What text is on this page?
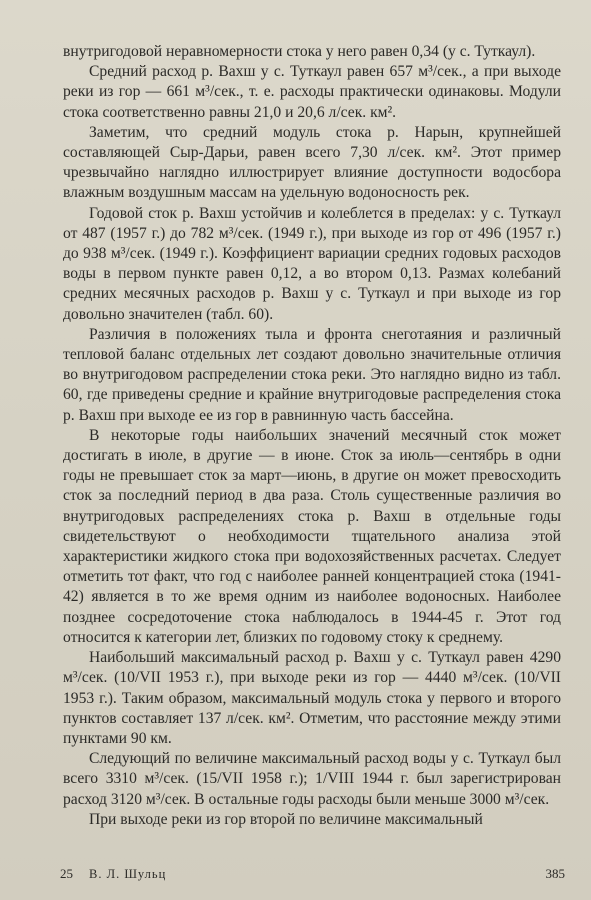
внутригодовой неравномерности стока у него равен 0,34 (у с. Туткаул).

Средний расход р. Вахш у с. Туткаул равен 657 м³/сек., а при выходе реки из гор — 661 м³/сек., т. е. расходы практически одинаковы. Модули стока соответственно равны 21,0 и 20,6 л/сек. км².

Заметим, что средний модуль стока р. Нарын, крупнейшей составляющей Сыр-Дарьи, равен всего 7,30 л/сек. км². Этот пример чрезвычайно наглядно иллюстрирует влияние доступности водосбора влажным воздушным массам на удельную водоносность рек.

Годовой сток р. Вахш устойчив и колеблется в пределах: у с. Туткаул от 487 (1957 г.) до 782 м³/сек. (1949 г.), при выходе из гор от 496 (1957 г.) до 938 м³/сек. (1949 г.). Коэффициент вариации средних годовых расходов воды в первом пункте равен 0,12, а во втором 0,13. Размах колебаний средних месячных расходов р. Вахш у с. Туткаул и при выходе из гор довольно значителен (табл. 60).

Различия в положениях тыла и фронта снеготаяния и различный тепловой баланс отдельных лет создают довольно значительные отличия во внутригодовом распределении стока реки. Это наглядно видно из табл. 60, где приведены средние и крайние внутригодовые распределения стока р. Вахш при выходе ее из гор в равнинную часть бассейна.

В некоторые годы наибольших значений месячный сток может достигать в июле, в другие — в июне. Сток за июль—сентябрь в одни годы не превышает сток за март—июнь, в другие он может превосходить сток за последний период в два раза. Столь существенные различия во внутригодовых распределениях стока р. Вахш в отдельные годы свидетельствуют о необходимости тщательного анализа этой характеристики жидкого стока при водохозяйственных расчетах. Следует отметить тот факт, что год с наиболее ранней концентрацией стока (1941-42) является в то же время одним из наиболее водоносных. Наиболее позднее сосредоточение стока наблюдалось в 1944-45 г. Этот год относится к категории лет, близких по годовому стоку к среднему.

Наибольший максимальный расход р. Вахш у с. Туткаул равен 4290 м³/сек. (10/VII 1953 г.), при выходе реки из гор — 4440 м³/сек. (10/VII 1953 г.). Таким образом, максимальный модуль стока у первого и второго пунктов составляет 137 л/сек. км². Отметим, что расстояние между этими пунктами 90 км.

Следующий по величине максимальный расход воды у с. Туткаул был всего 3310 м³/сек. (15/VII 1958 г.); 1/VIII 1944 г. был зарегистрирован расход 3120 м³/сек. В остальные годы расходы были меньше 3000 м³/сек.

При выходе реки из гор второй по величине максимальный

25 В. Л. Шульц	385
